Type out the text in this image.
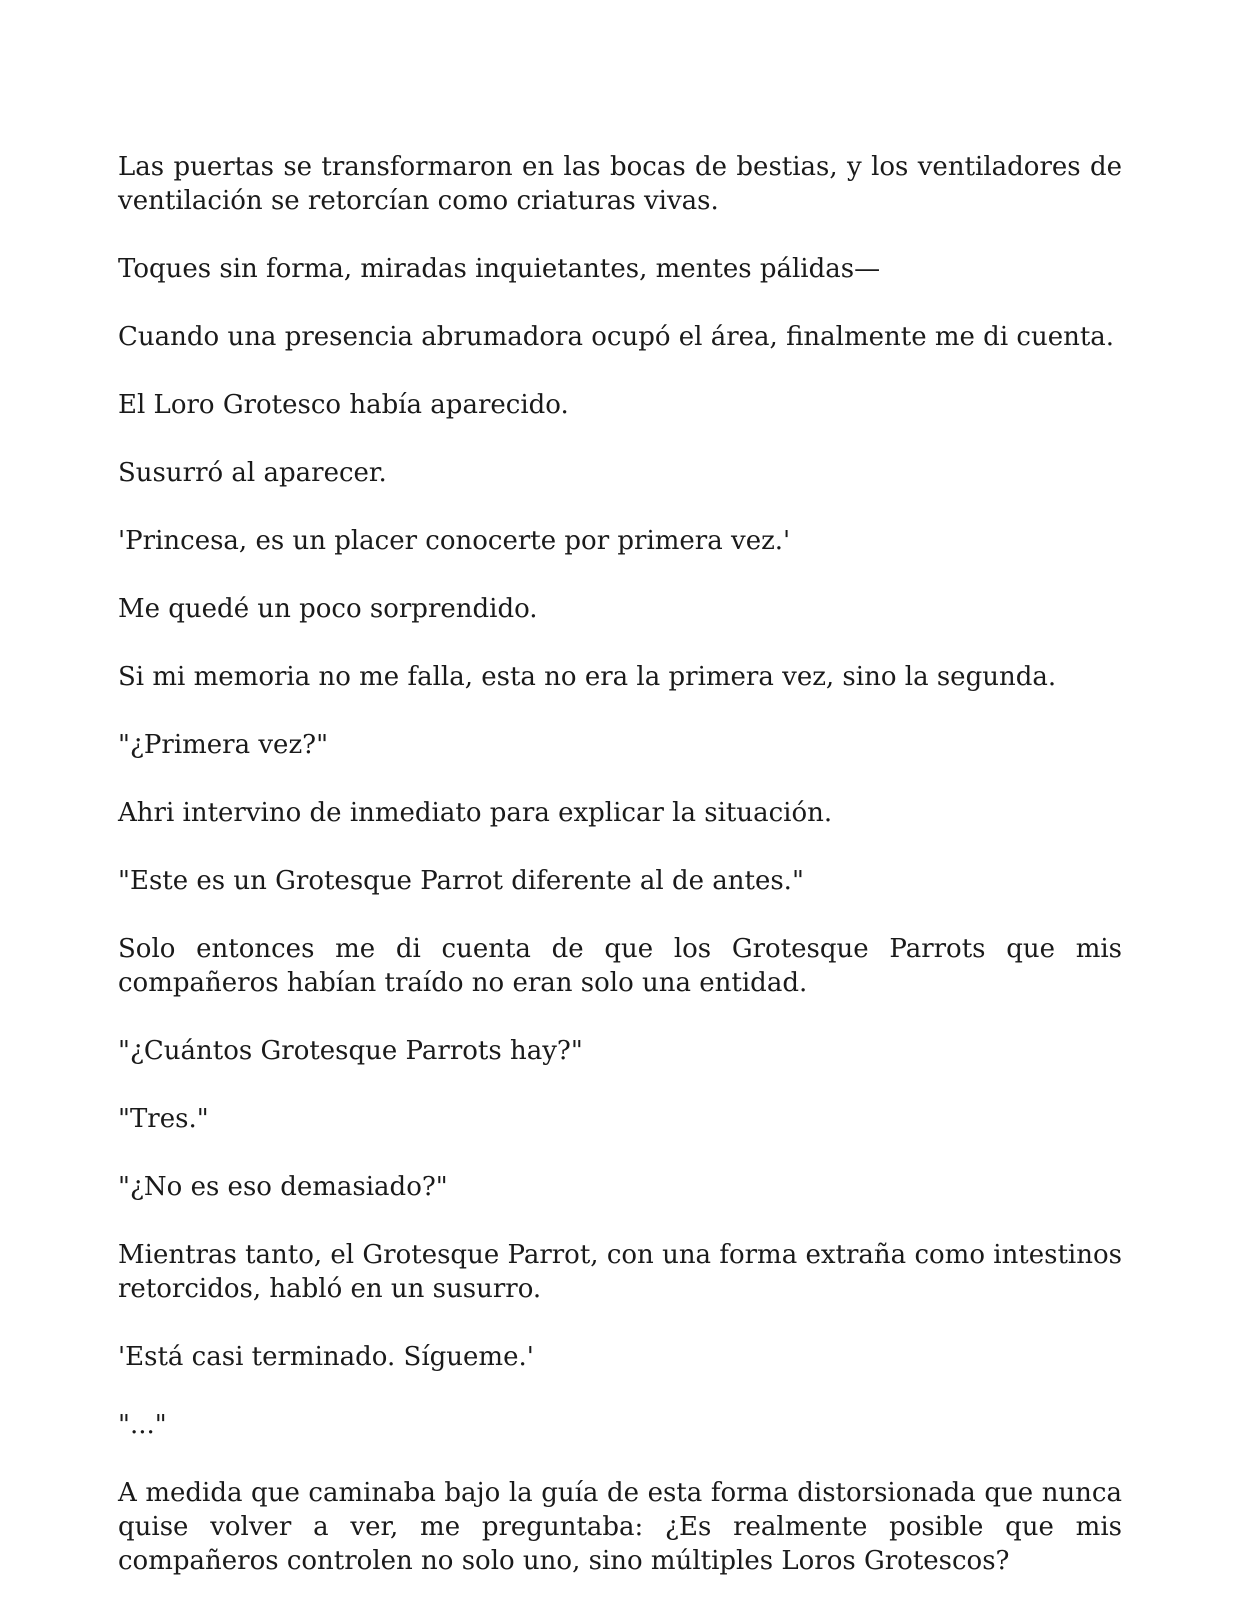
Las puertas se transformaron en las bocas de bestias, y los ventiladores de ventilación se retorcían como criaturas vivas.

Toques sin forma, miradas inquietantes, mentes pálidas—

Cuando una presencia abrumadora ocupó el área, finalmente me di cuenta.

El Loro Grotesco había aparecido.

Susurró al aparecer.

'Princesa, es un placer conocerte por primera vez.'

Me quedé un poco sorprendido.

Si mi memoria no me falla, esta no era la primera vez, sino la segunda.

"¿Primera vez?"

Ahri intervino de inmediato para explicar la situación.

"Este es un Grotesque Parrot diferente al de antes."

Solo entonces me di cuenta de que los Grotesque Parrots que mis compañeros habían traído no eran solo una entidad.

"¿Cuántos Grotesque Parrots hay?"

"Tres."

"¿No es eso demasiado?"

Mientras tanto, el Grotesque Parrot, con una forma extraña como intestinos retorcidos, habló en un susurro.

'Está casi terminado. Sígueme.'

"..."

A medida que caminaba bajo la guía de esta forma distorsionada que nunca quise volver a ver, me preguntaba: ¿Es realmente posible que mis compañeros controlen no solo uno, sino múltiples Loros Grotescos?
